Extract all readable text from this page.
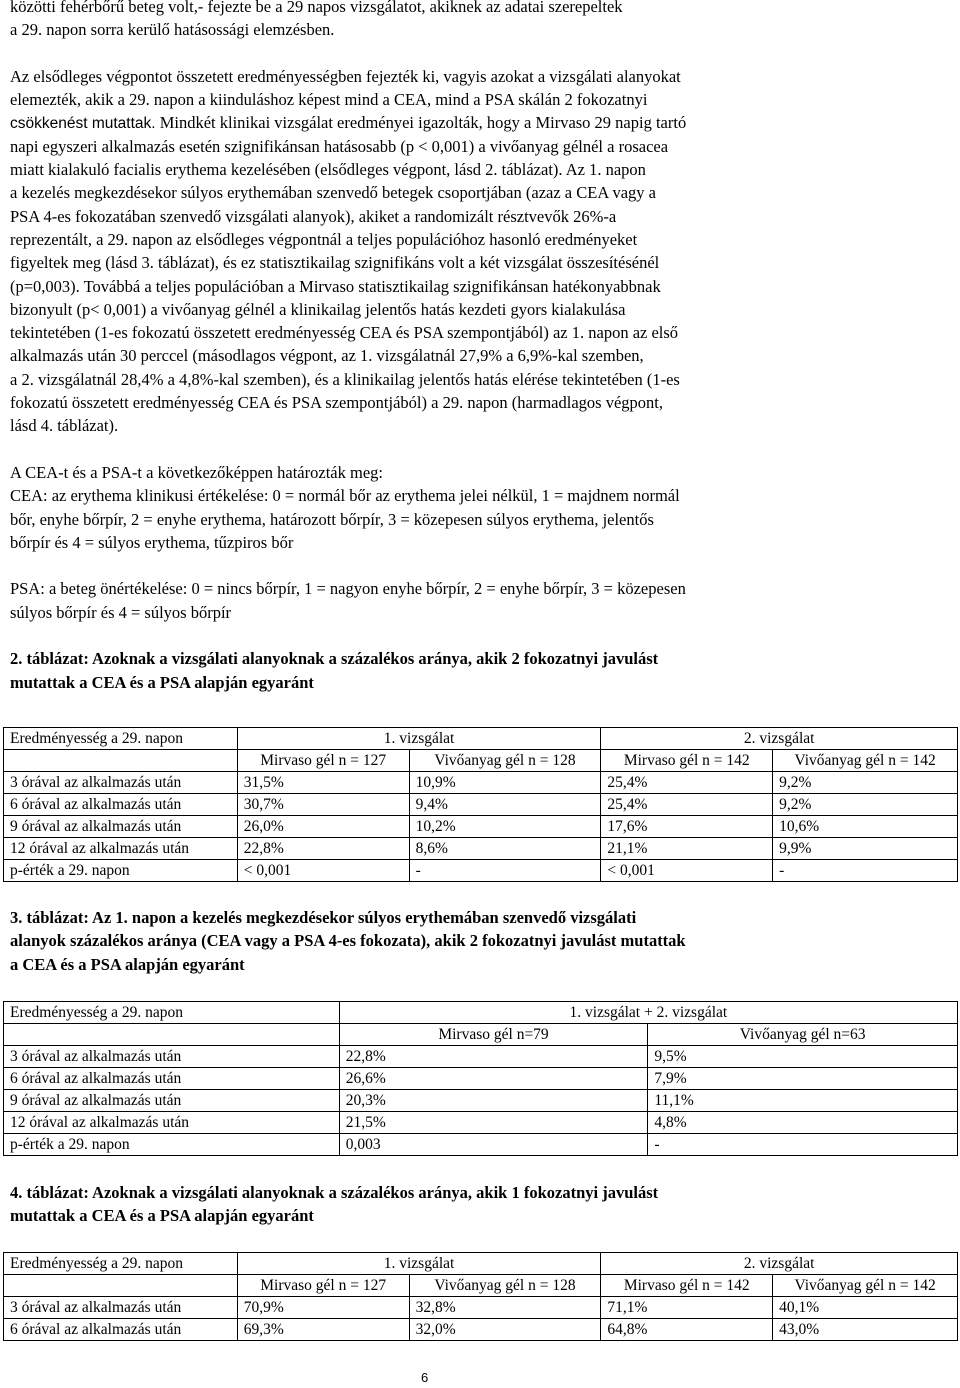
közötti fehérbőrű beteg volt,- fejezte be a 29 napos vizsgálatot, akiknek az adatai szerepeltek
a 29. napon sorra kerülő hatásossági elemzésben.
Az elsődleges végpontot összetett eredményességben fejezték ki, vagyis azokat a vizsgálati alanyokat
elemezték, akik a 29. napon a kiinduláshoz képest mind a CEA, mind a PSA skálán 2 fokozatnyi
csökkenést mutattak. Mindkét klinikai vizsgálat eredményei igazolták, hogy a Mirvaso 29 napig tartó
napi egyszeri alkalmazás esetén szignifikánsan hatásosabb (p < 0,001) a vivőanyag gélnél a rosacea
miatt kialakuló facialis erythema kezelésében (elsődleges végpont, lásd 2. táblázat). Az 1. napon
a kezelés megkezdésekor súlyos erythemában szenvedő betegek csoportjában (azaz a CEA vagy a
PSA 4-es fokozatában szenvedő vizsgálati alanyok), akiket a randomizált résztvevők 26%-a
reprezentált, a 29. napon az elsődleges végpontnál a teljes populációhoz hasonló eredményeket
figyeltek meg (lásd 3. táblázat), és ez statisztikailag szignifikáns volt a két vizsgálat összesítésénél
(p=0,003). Továbbá a teljes populációban a Mirvaso statisztikailag szignifikánsan hatékonyabbnak
bizonyult (p< 0,001) a vivőanyag gélnél a klinikailag jelentős hatás kezdeti gyors kialakulása
tekintetében (1-es fokozatú összetett eredményesség CEA és PSA szempontjából) az 1. napon az első
alkalmazás után 30 perccel (másodlagos végpont, az 1. vizsgálatnál 27,9% a 6,9%-kal szemben,
a 2. vizsgálatnál 28,4% a 4,8%-kal szemben), és a klinikailag jelentős hatás elérése tekintetében (1-es
fokozatú összetett eredményesség CEA és PSA szempontjából) a 29. napon (harmadlagos végpont,
lásd 4. táblázat).
A CEA-t és a PSA-t a következőképpen határozták meg:
CEA: az erythema klinikusi értékelése: 0 = normál bőr az erythema jelei nélkül, 1 = majdnem normál
bőr, enyhe bőrpír, 2 = enyhe erythema, határozott bőrpír, 3 = közepesen súlyos erythema, jelentős
bőrpír és 4 = súlyos erythema, tűzpiros bőr
PSA: a beteg önértékelése: 0 = nincs bőrpír, 1 = nagyon enyhe bőrpír, 2 = enyhe bőrpír, 3 = közepesen
súlyos bőrpír és 4 = súlyos bőrpír
2. táblázat: Azoknak a vizsgálati alanyoknak a százalékos aránya, akik 2 fokozatnyi javulást
mutattak a CEA és a PSA alapján egyaránt
Eredményesség a 29. napon	1. vizsgálat		2. vizsgálat	
	Mirvaso gél n = 127	Vivőanyag gél n = 128	Mirvaso gél n = 142	Vivőanyag gél n = 142
3 órával az alkalmazás után	31,5%	10,9%	25,4%	9,2%
6 órával az alkalmazás után	30,7%	9,4%	25,4%	9,2%
9 órával az alkalmazás után	26,0%	10,2%	17,6%	10,6%
12 órával az alkalmazás után	22,8%	8,6%	21,1%	9,9%
p-érték a 29. napon	< 0,001	-	< 0,001	-
3. táblázat: Az 1. napon a kezelés megkezdésekor súlyos erythemában szenvedő vizsgálati
alanyok százalékos aránya (CEA vagy a PSA 4-es fokozata), akik 2 fokozatnyi javulást mutattak
a CEA és a PSA alapján egyaránt
Eredményesség a 29. napon	1. vizsgálat + 2. vizsgálat	
	Mirvaso gél n=79	Vivőanyag gél n=63
3 órával az alkalmazás után	22,8%	9,5%
6 órával az alkalmazás után	26,6%	7,9%
9 órával az alkalmazás után	20,3%	11,1%
12 órával az alkalmazás után	21,5%	4,8%
p-érték a 29. napon	0,003	-
4. táblázat: Azoknak a vizsgálati alanyoknak a százalékos aránya, akik 1 fokozatnyi javulást
mutattak a CEA és a PSA alapján egyaránt
Eredményesség a 29. napon	1. vizsgálat		2. vizsgálat	
	Mirvaso gél n = 127	Vivőanyag gél n = 128	Mirvaso gél n = 142	Vivőanyag gél n = 142
3 órával az alkalmazás után	70,9%	32,8%	71,1%	40,1%
6 órával az alkalmazás után	69,3%	32,0%	64,8%	43,0%
6
